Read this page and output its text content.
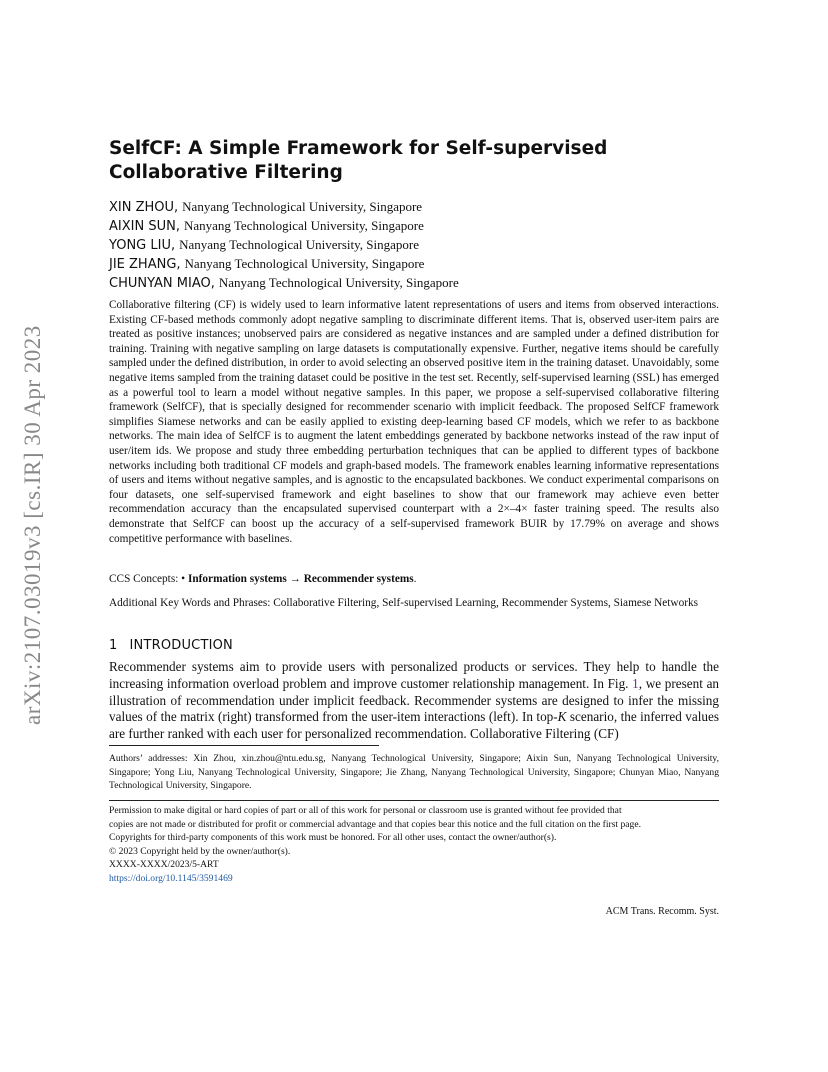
arXiv:2107.03019v3 [cs.IR] 30 Apr 2023
SelfCF: A Simple Framework for Self-supervised Collaborative Filtering
XIN ZHOU, Nanyang Technological University, Singapore
AIXIN SUN, Nanyang Technological University, Singapore
YONG LIU, Nanyang Technological University, Singapore
JIE ZHANG, Nanyang Technological University, Singapore
CHUNYAN MIAO, Nanyang Technological University, Singapore
Collaborative filtering (CF) is widely used to learn informative latent representations of users and items from observed interactions. Existing CF-based methods commonly adopt negative sampling to discriminate different items. That is, observed user-item pairs are treated as positive instances; unobserved pairs are considered as negative instances and are sampled under a defined distribution for training. Training with negative sampling on large datasets is computationally expensive. Further, negative items should be carefully sampled under the defined distribution, in order to avoid selecting an observed positive item in the training dataset. Unavoidably, some negative items sampled from the training dataset could be positive in the test set. Recently, self-supervised learning (SSL) has emerged as a powerful tool to learn a model without negative samples. In this paper, we propose a self-supervised collaborative filtering framework (SelfCF), that is specially designed for recommender scenario with implicit feedback. The proposed SelfCF framework simplifies Siamese networks and can be easily applied to existing deep-learning based CF models, which we refer to as backbone networks. The main idea of SelfCF is to augment the latent embeddings generated by backbone networks instead of the raw input of user/item ids. We propose and study three embedding perturbation techniques that can be applied to different types of backbone networks including both traditional CF models and graph-based models. The framework enables learning informative representations of users and items without negative samples, and is agnostic to the encapsulated backbones. We conduct experimental comparisons on four datasets, one self-supervised framework and eight baselines to show that our framework may achieve even better recommendation accuracy than the encapsulated supervised counterpart with a 2×–4× faster training speed. The results also demonstrate that SelfCF can boost up the accuracy of a self-supervised framework BUIR by 17.79% on average and shows competitive performance with baselines.
CCS Concepts: • Information systems → Recommender systems.
Additional Key Words and Phrases: Collaborative Filtering, Self-supervised Learning, Recommender Systems, Siamese Networks
1 INTRODUCTION
Recommender systems aim to provide users with personalized products or services. They help to handle the increasing information overload problem and improve customer relationship management. In Fig. 1, we present an illustration of recommendation under implicit feedback. Recommender systems are designed to infer the missing values of the matrix (right) transformed from the user-item interactions (left). In top-K scenario, the inferred values are further ranked with each user for personalized recommendation. Collaborative Filtering (CF)
Authors’ addresses: Xin Zhou, xin.zhou@ntu.edu.sg, Nanyang Technological University, Singapore; Aixin Sun, Nanyang Technological University, Singapore; Yong Liu, Nanyang Technological University, Singapore; Jie Zhang, Nanyang Technological University, Singapore; Chunyan Miao, Nanyang Technological University, Singapore.
Permission to make digital or hard copies of part or all of this work for personal or classroom use is granted without fee provided that
copies are not made or distributed for profit or commercial advantage and that copies bear this notice and the full citation on the first page.
Copyrights for third-party components of this work must be honored. For all other uses, contact the owner/author(s).
© 2023 Copyright held by the owner/author(s).
XXXX-XXXX/2023/5-ART
https://doi.org/10.1145/3591469
ACM Trans. Recomm. Syst.
